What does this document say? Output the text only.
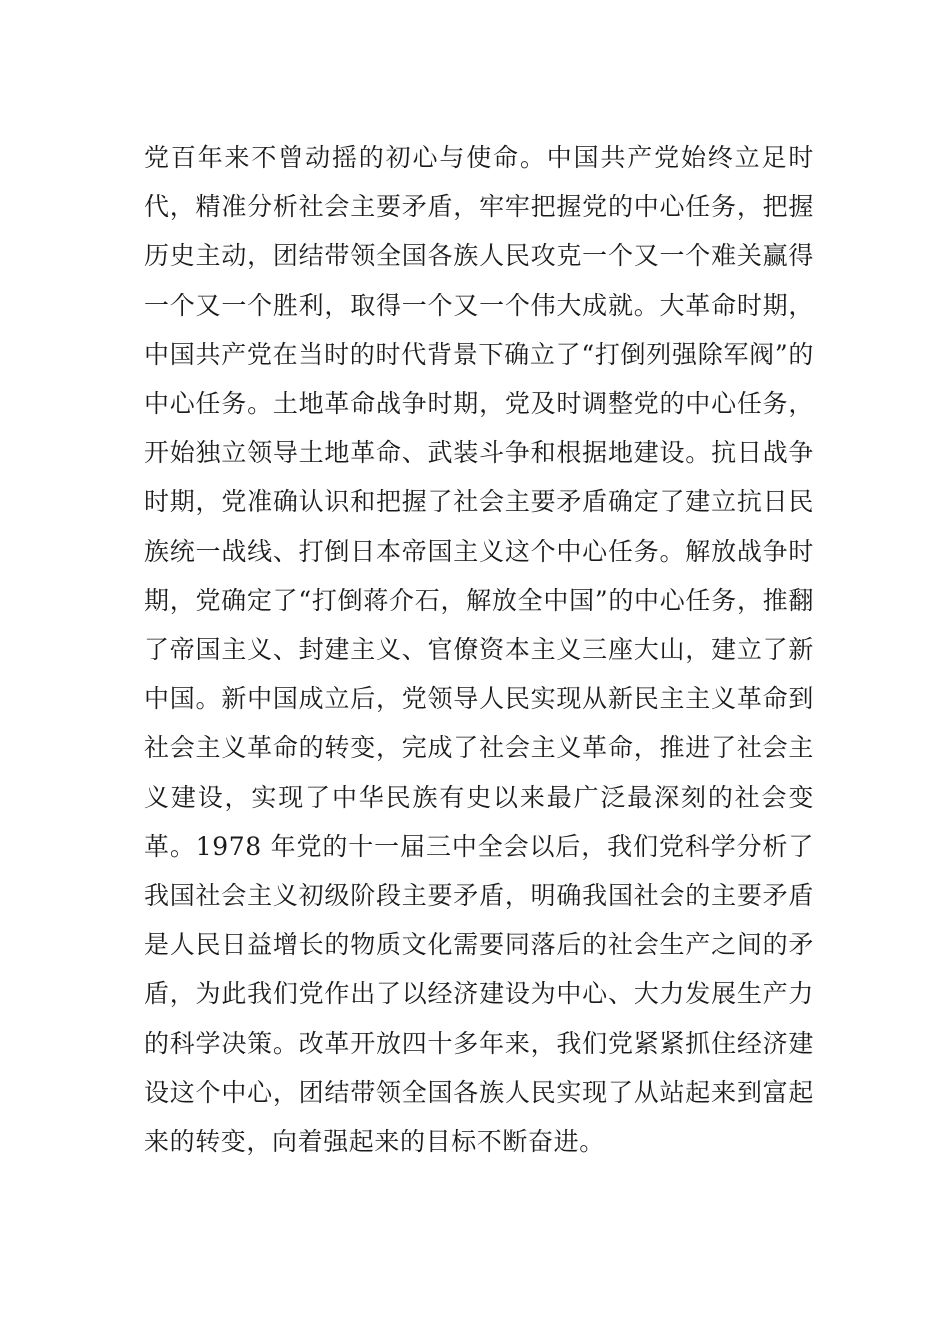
党百年来不曾动摇的初心与使命。中国共产党始终立足时代，精准分析社会主要矛盾，牢牢把握党的中心任务，把握历史主动，团结带领全国各族人民攻克一个又一个难关赢得一个又一个胜利，取得一个又一个伟大成就。大革命时期，中国共产党在当时的时代背景下确立了“打倒列强除军阀”的中心任务。土地革命战争时期，党及时调整党的中心任务，开始独立领导土地革命、武装斗争和根据地建设。抗日战争时期，党准确认识和把握了社会主要矛盾确定了建立抗日民族统一战线、打倒日本帝国主义这个中心任务。解放战争时期，党确定了“打倒蒋介石，解放全中国”的中心任务，推翻了帝国主义、封建主义、官僚资本主义三座大山，建立了新中国。新中国成立后，党领导人民实现从新民主主义革命到社会主义革命的转变，完成了社会主义革命，推进了社会主义建设，实现了中华民族有史以来最广泛最深刻的社会变革。1978 年党的十一届三中全会以后，我们党科学分析了我国社会主义初级阶段主要矛盾，明确我国社会的主要矛盾是人民日益增长的物质文化需要同落后的社会生产之间的矛盾，为此我们党作出了以经济建设为中心、大力发展生产力的科学决策。改革开放四十多年来，我们党紧紧抓住经济建设这个中心，团结带领全国各族人民实现了从站起来到富起来的转变，向着强起来的目标不断奋进。
